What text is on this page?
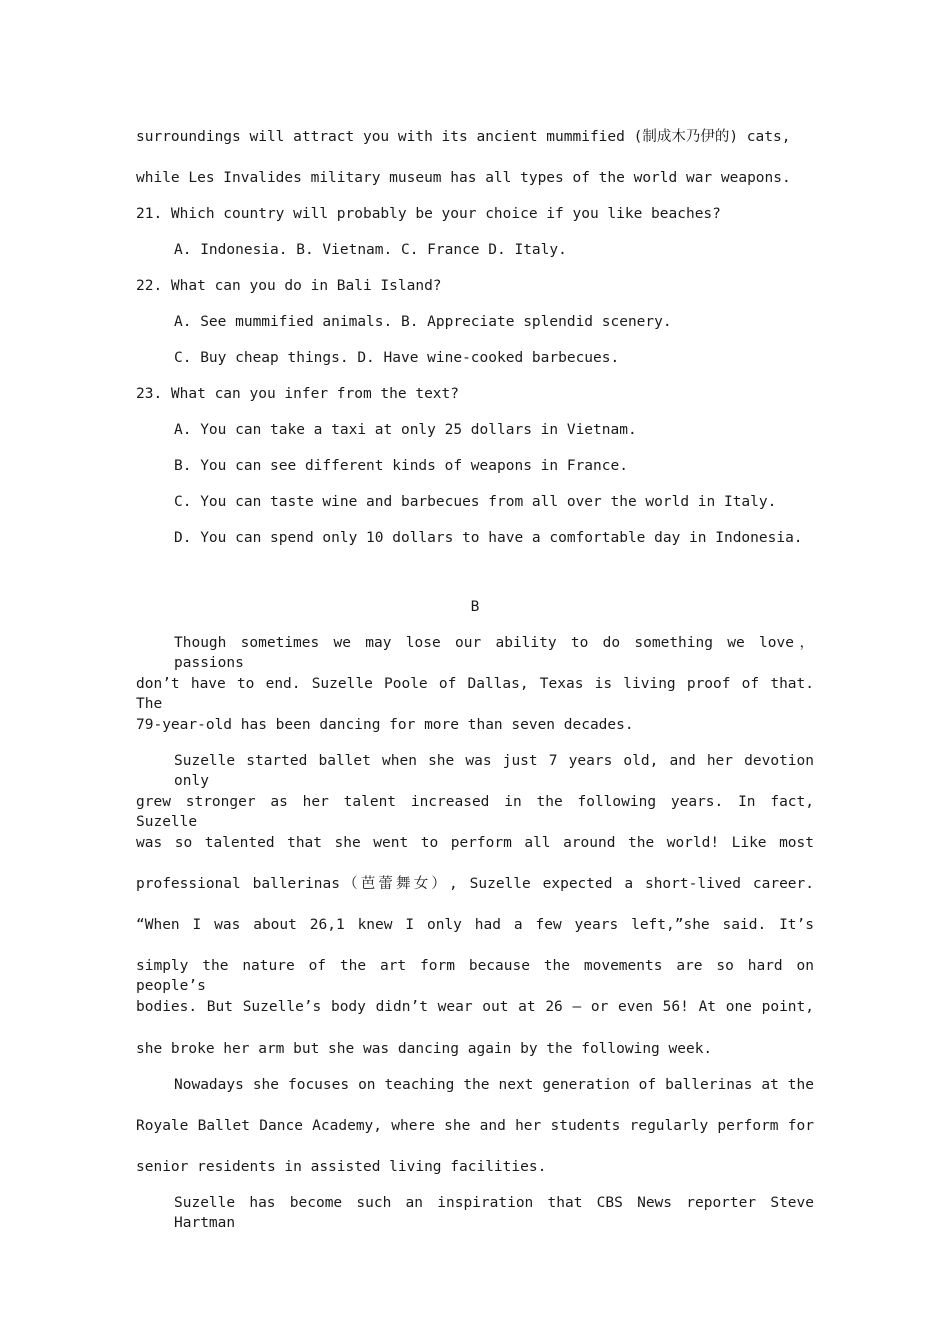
surroundings will attract you with its ancient mummified (制成木乃伊的) cats,
while Les Invalides military museum has all types of the world war weapons.
21. Which country will probably be your choice if you like beaches?
A. Indonesia. B. Vietnam. C. France D. Italy.
22. What can you do in Bali Island?
A. See mummified animals. B. Appreciate splendid scenery.
C. Buy cheap things. D. Have wine-cooked barbecues.
23. What can you infer from the text?
A. You can take a taxi at only 25 dollars in Vietnam.
B. You can see different kinds of weapons in France.
C. You can taste wine and barbecues from all over the world in Italy.
D. You can spend only 10 dollars to have a comfortable day in Indonesia.
B
Though sometimes we may lose our ability to do something we love，passions
don’t have to end. Suzelle Poole of Dallas, Texas is living proof of that. The
79-year-old has been dancing for more than seven decades.
Suzelle started ballet when she was just 7 years old, and her devotion only
grew stronger as her talent increased in the following years. In fact, Suzelle
was so talented that she went to perform all around the world! Like most
professional ballerinas（芭蕾舞女）, Suzelle expected a short-lived career.
“When I was about 26,1 knew I only had a few years left,”she said. It’s
simply the nature of the art form because the movements are so hard on people’s
bodies. But Suzelle’s body didn’t wear out at 26 — or even 56! At one point,
she broke her arm but she was dancing again by the following week.
Nowadays she focuses on teaching the next generation of ballerinas at the
Royale Ballet Dance Academy, where she and her students regularly perform for
senior residents in assisted living facilities.
Suzelle has become such an inspiration that CBS News reporter Steve Hartman
